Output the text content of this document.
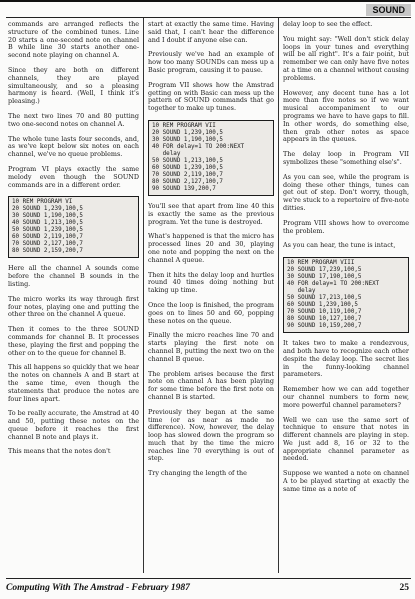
SOUND

commands are arranged reflects the structure of the combined tunes. Line 20 starts a one-second note on channel B while line 30 starts another one-second note playing on channel A.

Since they are both on different channels, they are played simultaneously, and so a pleasing harmony is heard. (Well, I think it's pleasing.)

The next two lines 70 and 80 putting two one-second notes on channel A.

The whole tune lasts four seconds, and, as we've kept below six notes on each channel, we've no queue problems.

Program VI plays exactly the same melody even though the SOUND commands are in a different order.

10 REM PROGRAM VI
20 SOUND 1,239,100,5
30 SOUND 1,190,100,5
40 SOUND 1,213,100,5
50 SOUND 1,239,100,5
60 SOUND 2,119,100,7
70 SOUND 2,127,100,7
80 SOUND 2,159,200,7

Here all the channel A sounds come before the channel B sounds in the listing.

The micro works its way through first four notes, playing one and putting the other three on the channel A queue.

Then it comes to the three SOUND commands for channel B. It processes these, playing the first and popping the other on to the queue for channel B.

This all happens so quickly that we hear the notes on channels A and B start at the same time, even though the statements that produce the notes are four lines apart.

To be really accurate, the Amstrad at 40 and 50, putting these notes on the queue before it reaches the first channel B note and plays it.

This means that the notes don't

start at exactly the same time. Having said that, I can't hear the difference and I doubt if anyone else can.

Previously we've had an example of how too many SOUNDs can mess up a Basic program, causing it to pause.

Program VII shows how the Amstrad getting on with Basic can mess up the pattern of SOUND commands that go together to make up tunes.

10 REM PROGRAM VII
20 SOUND 1,239,100,5
30 SOUND 1,190,100,5
40 FOR delay=1 TO 200:NEXT
delay
50 SOUND 1,213,100,5
60 SOUND 1,239,100,5
70 SOUND 2,119,100,7
80 SOUND 2,127,100,7
90 SOUND 139,200,7

You'll see that apart from line 40 this is exactly the same as the previous program. Yet the tune is destroyed.

What's happened is that the micro has processed lines 20 and 30, playing one note and popping the next on the channel A queue.

Then it hits the delay loop and hurtles round 40 times doing nothing but taking up time.

Once the loop is finished, the program goes on to lines 50 and 60, popping these notes on the queue.

Finally the micro reaches line 70 and starts playing the first note on channel B, putting the next two on the channel B queue.

The problem arises because the first note on channel A has been playing for some time before the first note on channel B is started.

Previously they began at the same time (or as near as made no difference). Now, however, the delay loop has slowed down the program so much that by the time the micro reaches line 70 everything is out of step.

Try changing the length of the

delay loop to see the effect.

You might say: "Well don't stick delay loops in your tunes and everything will be all right". It's a fair point, but remember we can only have five notes at a time on a channel without causing problems.

However, any decent tune has a lot more than five notes so if we want musical accompaniment to our programs we have to have gaps to fill. In other words, do something else, then grab other notes as space appears in the queues.

The delay loop in Program VII symbolizes these "something else's".

As you can see, while the program is doing these other things, tunes can get out of step. Don't worry, though, we're stuck to a repertoire of five-note ditties.

Program VIII shows how to overcome the problem.

As you can hear, the tune is intact,

10 REM PROGRAM VIII
20 SOUND 17,239,100,5
30 SOUND 17,190,100,5
40 FOR delay=1 TO 200:NEXT
delay
50 SOUND 17,213,100,5
60 SOUND 1,239,100,5
70 SOUND 10,119,100,7
80 SOUND 10,127,100,7
90 SOUND 10,159,200,7

It takes two to make a rendezvous, and both have to recognize each other despite the delay loop. The secret lies in the funny-looking channel parameters.

Remember how we can add together our channel numbers to form new, more powerful channel parameters?

Well we can use the same sort of technique to ensure that notes in different channels are playing in step. We just add 8, 16 or 32 to the appropriate channel parameter as needed.

Suppose we wanted a note on channel A to be played starting at exactly the same time as a note of

Computing With The Amstrad - February 1987	25
